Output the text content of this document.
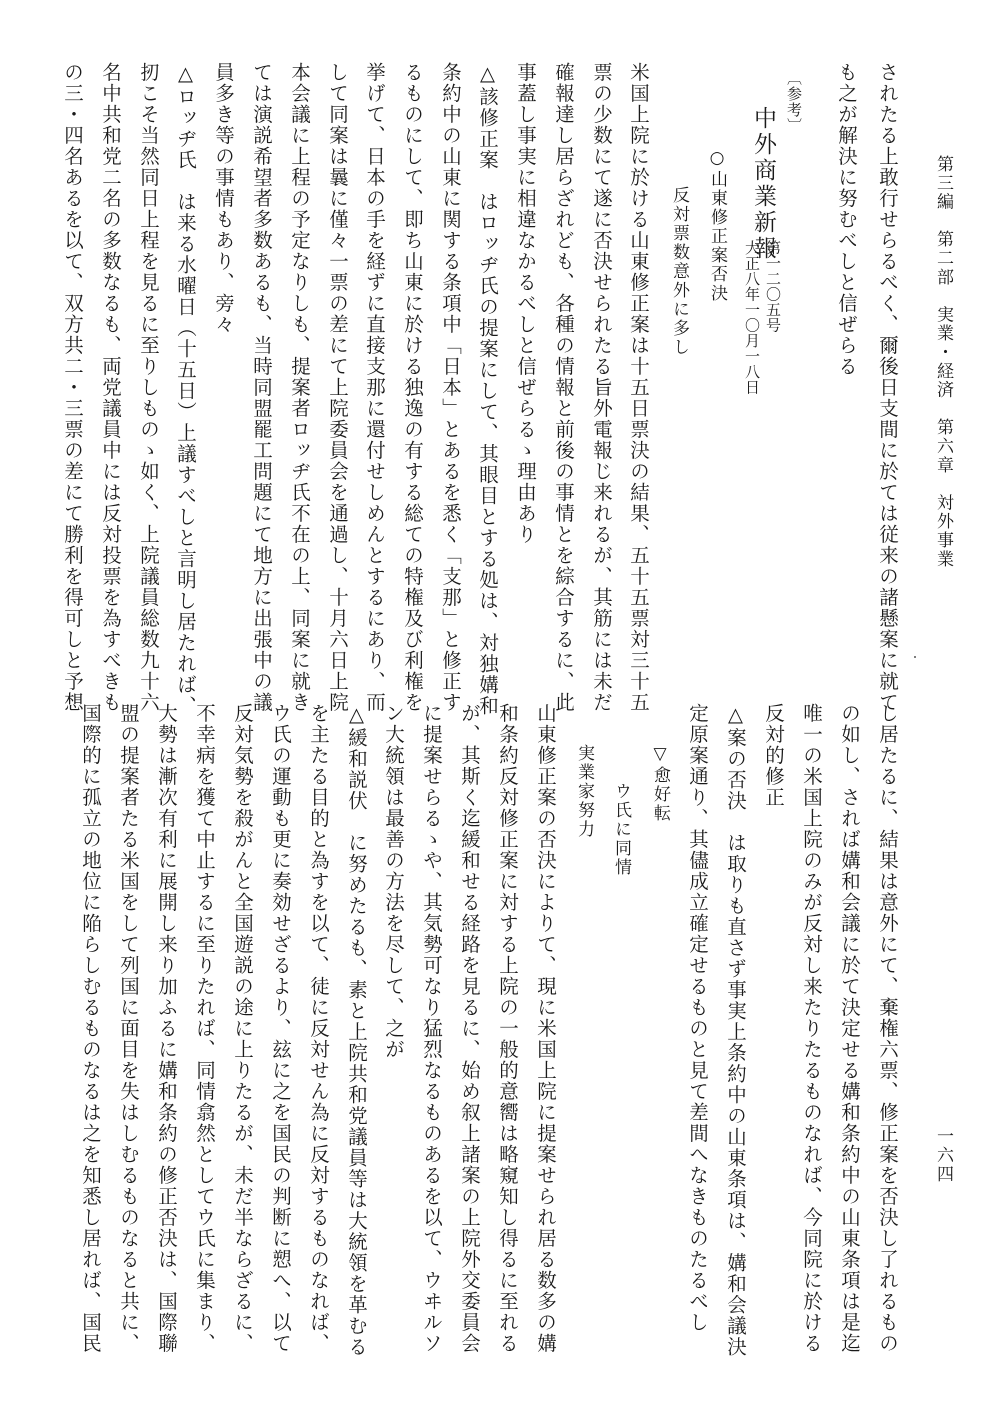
第三編　第二部　実業・経済　第六章　対外事業

一六四

されたる上敢行せらるべく、爾後日支間に於ては従来の諸懸案に就て

も之が解決に努むべしと信ぜらる

〔参考〕

中外商業新報

第一二〇五号

大正八年一〇月一八日

○山東修正案否決

反対票数意外に多し

米国上院に於ける山東修正案は十五日票決の結果、五十五票対三十五

票の少数にて遂に否決せられたる旨外電報じ来れるが、其筋には未だ

確報達し居らざれども、各種の情報と前後の事情とを綜合するに、此

事蓋し事実に相違なかるべしと信ぜらるゝ理由あり

△該修正案　はロッヂ氏の提案にして、其眼目とする処は、対独媾和

条約中の山東に関する条項中「日本」とあるを悉く「支那」と修正す

るものにして、即ち山東に於ける独逸の有する総ての特権及び利権を

挙げて、日本の手を経ずに直接支那に還付せしめんとするにあり、而

して同案は曩に僅々一票の差にて上院委員会を通過し、十月六日上院

本会議に上程の予定なりしも、提案者ロッヂ氏不在の上、同案に就き

ては演説希望者多数あるも、当時同盟罷工問題にて地方に出張中の議

員多き等の事情もあり、旁々

△ロッヂ氏　は来る水曜日（十五日）上議すべしと言明し居たれば、

扨こそ当然同日上程を見るに至りしものゝ如く、上院議員総数九十六

名中共和党二名の多数なるも、両党議員中には反対投票を為すべきも

の三・四名あるを以て、双方共二・三票の差にて勝利を得可しと予想

し居たるに、結果は意外にて、棄権六票、修正案を否決し了れるもの

の如し、されば媾和会議に於て決定せる媾和条約中の山東条項は是迄

唯一の米国上院のみが反対し来たりたるものなれば、今同院に於ける

反対的修正

△案の否決　は取りも直さず事実上条約中の山東条項は、媾和会議決

定原案通り、其儘成立確定せるものと見て差間へなきものたるべし

▽愈好転

ウ氏に同情

実業家努力

山東修正案の否決によりて、現に米国上院に提案せられ居る数多の媾

和条約反対修正案に対する上院の一般的意嚮は略窺知し得るに至れる

が、其斯く迄緩和せる経路を見るに、始め叙上諸案の上院外交委員会

に提案せらるゝや、其気勢可なり猛烈なるものあるを以て、ウヰルソ

ン大統領は最善の方法を尽して、之が

△緩和説伏　に努めたるも、素と上院共和党議員等は大統領を革むる

を主たる目的と為すを以て、徒に反対せん為に反対するものなれば、

ウ氏の運動も更に奏効せざるより、玆に之を国民の判断に愬へ、以て

反対気勢を殺がんと全国遊説の途に上りたるが、未だ半ならざるに、

不幸病を獲て中止するに至りたれば、同情翕然としてウ氏に集まり、

大勢は漸次有利に展開し来り加ふるに媾和条約の修正否決は、国際聯

盟の提案者たる米国をして列国に面目を失はしむるものなると共に、

国際的に孤立の地位に陥らしむるものなるは之を知悉し居れば、国民
